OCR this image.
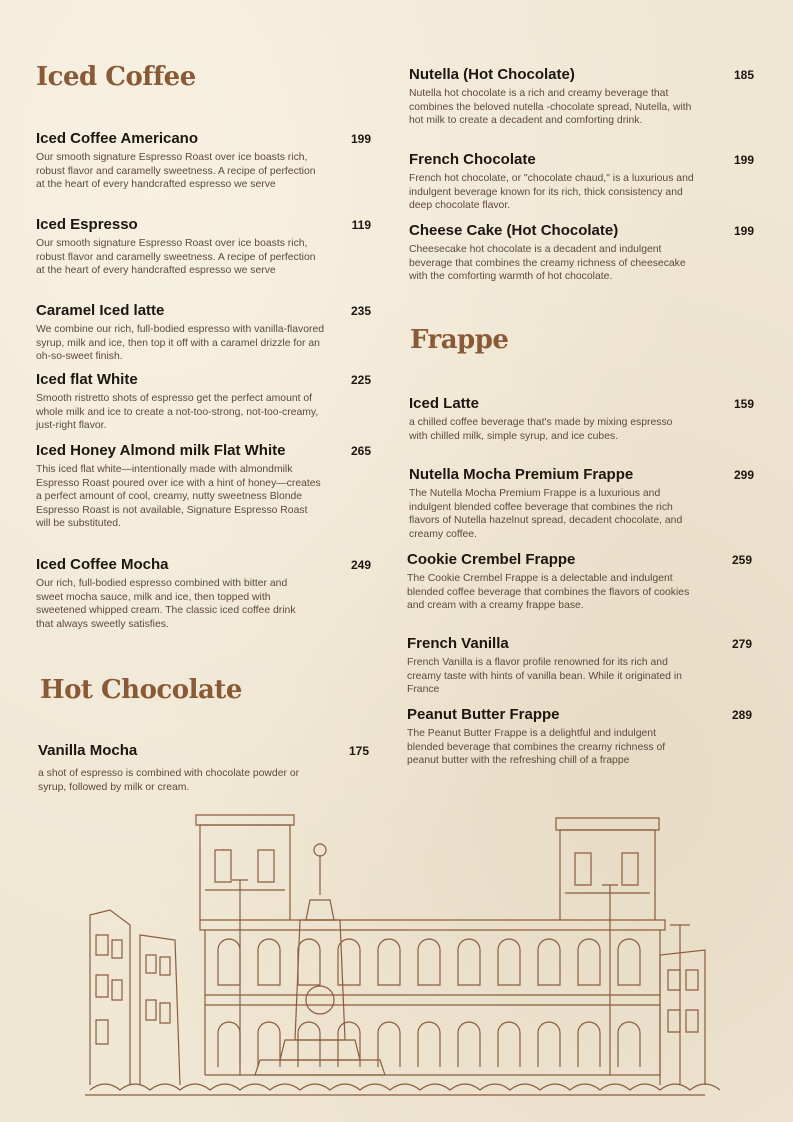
Iced Coffee
Iced Coffee Americano	199
Our smooth signature Espresso Roast over ice boasts rich, robust flavor and caramelly sweetness. A recipe of perfection at the heart of every handcrafted espresso we serve
Iced Espresso	119
Our smooth signature Espresso Roast over ice boasts rich, robust flavor and caramelly sweetness. A recipe of perfection at the heart of every handcrafted espresso we serve
Caramel Iced latte	235
We combine our rich, full-bodied espresso with vanilla-flavored syrup, milk and ice, then top it off with a caramel drizzle for an oh-so-sweet finish.
Iced flat White	225
Smooth ristretto shots of espresso get the perfect amount of whole milk and ice to create a not-too-strong, not-too-creamy, just-right flavor.
Iced Honey Almond milk Flat White	265
This iced flat white—intentionally made with almondmilk Espresso Roast poured over ice with a hint of honey—creates a perfect amount of cool, creamy, nutty sweetness Blonde Espresso Roast is not available, Signature Espresso Roast will be substituted.
Iced Coffee Mocha	249
Our rich, full-bodied espresso combined with bitter and sweet mocha sauce, milk and ice, then topped with sweetened whipped cream. The classic iced coffee drink that always sweetly satisfies.
Hot Chocolate
Vanilla Mocha	175
a shot of espresso is combined with chocolate powder or syrup, followed by milk or cream.
Nutella (Hot Chocolate)	185
Nutella hot chocolate is a rich and creamy beverage that combines the beloved nutella -chocolate spread, Nutella, with hot milk to create a decadent and comforting drink.
French Chocolate	199
French hot chocolate, or "chocolate chaud," is a luxurious and indulgent beverage known for its rich, thick consistency and deep chocolate flavor.
Cheese Cake (Hot Chocolate)	199
Cheesecake hot chocolate is a decadent and indulgent beverage that combines the creamy richness of cheesecake with the comforting warmth of hot chocolate.
Frappe
Iced Latte	159
a chilled coffee beverage that's made by mixing espresso with chilled milk, simple syrup, and ice cubes.
Nutella Mocha Premium Frappe	299
The Nutella Mocha Premium Frappe is a luxurious and indulgent blended coffee beverage that combines the rich flavors of Nutella hazelnut spread, decadent chocolate, and creamy coffee.
Cookie Crembel Frappe	259
The Cookie Crembel Frappe is a delectable and indulgent blended coffee beverage that combines the flavors of cookies and cream with a creamy frappe base.
French Vanilla	279
French Vanilla is a flavor profile renowned for its rich and creamy taste with hints of vanilla bean. While it originated in France
Peanut Butter Frappe	289
The Peanut Butter Frappe is a delightful and indulgent blended beverage that combines the creamy richness of peanut butter with the refreshing chill of a frappe
